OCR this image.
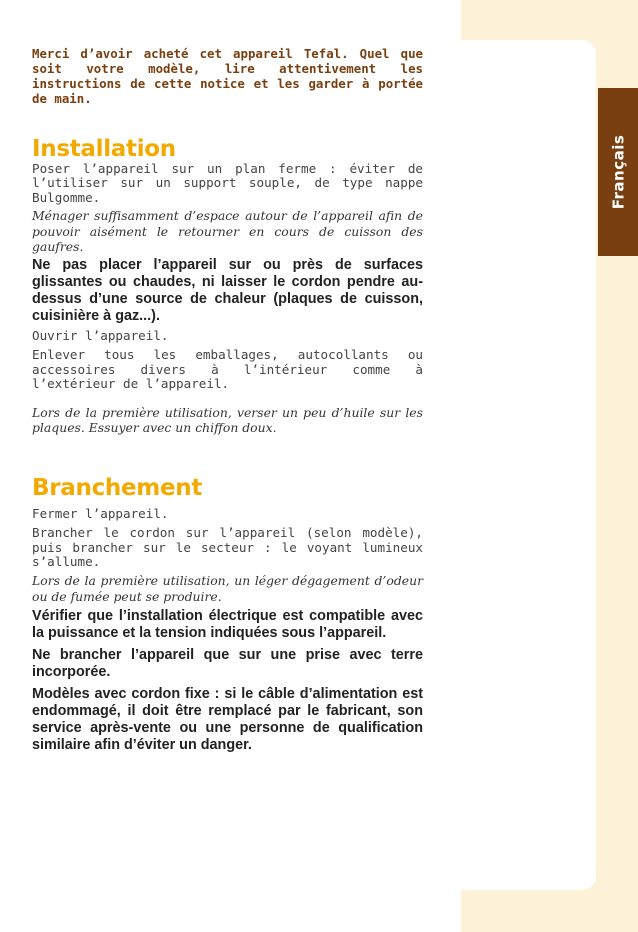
Français

Merci d’avoir acheté cet appareil Tefal. Quel que soit votre modèle, lire attentivement les instructions de cette notice et les garder à portée de main.

Installation

Poser l’appareil sur un plan ferme : éviter de l’utiliser sur un support souple, de type nappe Bulgomme.

Ménager suffisamment d’espace autour de l’appareil afin de pouvoir aisément le retourner en cours de cuisson des gaufres.

Ne pas placer l’appareil sur ou près de surfaces glissantes ou chaudes, ni laisser le cordon pendre au-dessus d’une source de chaleur (plaques de cuisson, cuisinière à gaz...).

Ouvrir l’appareil.

Enlever tous les emballages, autocollants ou accessoires divers à l’intérieur comme à l’extérieur de l’appareil.

Lors de la première utilisation, verser un peu d’huile sur les plaques. Essuyer avec un chiffon doux.

Branchement

Fermer l’appareil.

Brancher le cordon sur l’appareil (selon modèle), puis brancher sur le secteur : le voyant lumineux s’allume.

Lors de la première utilisation, un léger dégagement d’odeur ou de fumée peut se produire.

Vérifier que l’installation électrique est compatible avec la puissance et la tension indiquées sous l’appareil.

Ne brancher l’appareil que sur une prise avec terre incorporée.

Modèles avec cordon fixe : si le câble d’alimentation est endommagé, il doit être remplacé par le fabricant, son service après-vente ou une personne de qualification similaire afin d’éviter un danger.
